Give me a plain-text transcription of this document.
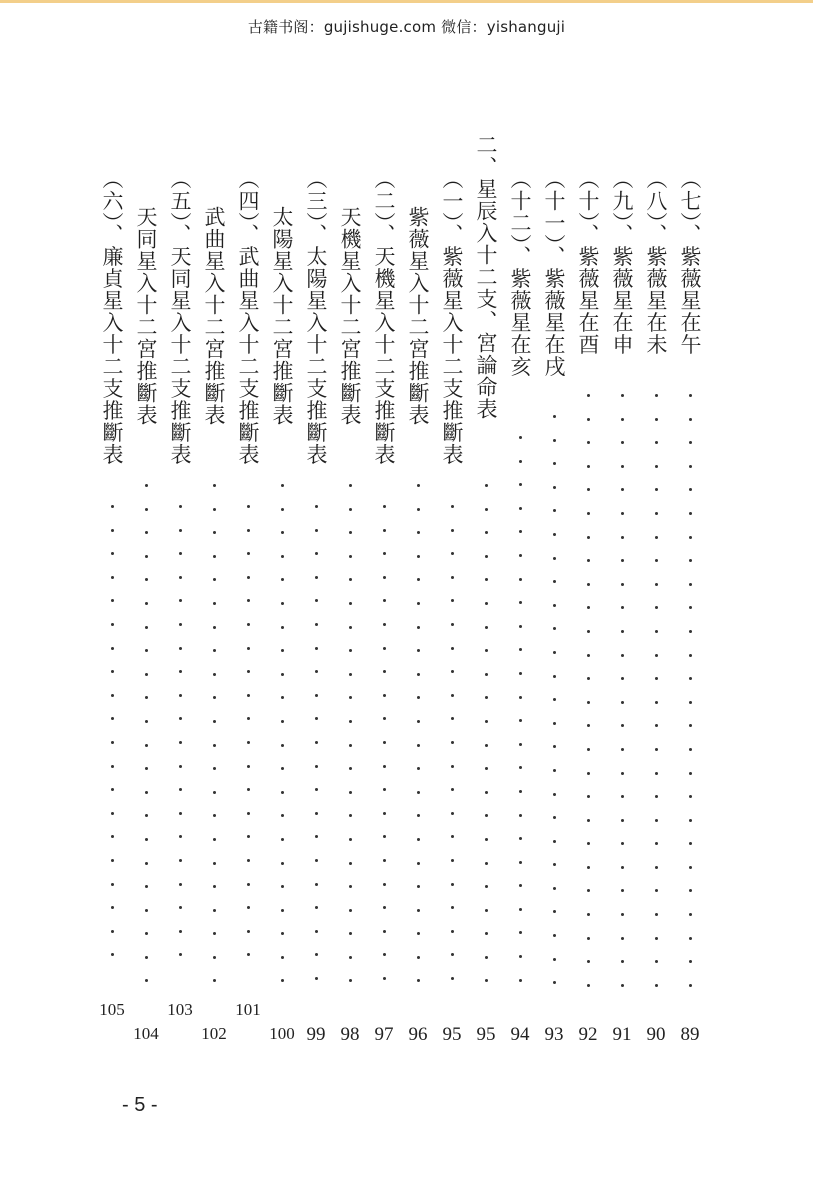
古籍书阁：gujishuge.com 微信：yishanguji
（七）、紫薇星在午
89
（八）、紫薇星在未
90
（九）、紫薇星在申
91
（十）、紫薇星在酉
92
（十一）、紫薇星在戌
93
（十二）、紫薇星在亥
94
二、星辰入十二支、宮論命表
95
（一）、紫薇星入十二支推斷表
95
紫薇星入十二宮推斷表
96
（二）、天機星入十二支推斷表
97
天機星入十二宮推斷表
98
（三）、太陽星入十二支推斷表
99
太陽星入十二宮推斷表
100
（四）、武曲星入十二支推斷表
101
武曲星入十二宮推斷表
102
（五）、天同星入十二支推斷表
103
天同星入十二宮推斷表
104
（六）、廉貞星入十二支推斷表
105
- 5 -
